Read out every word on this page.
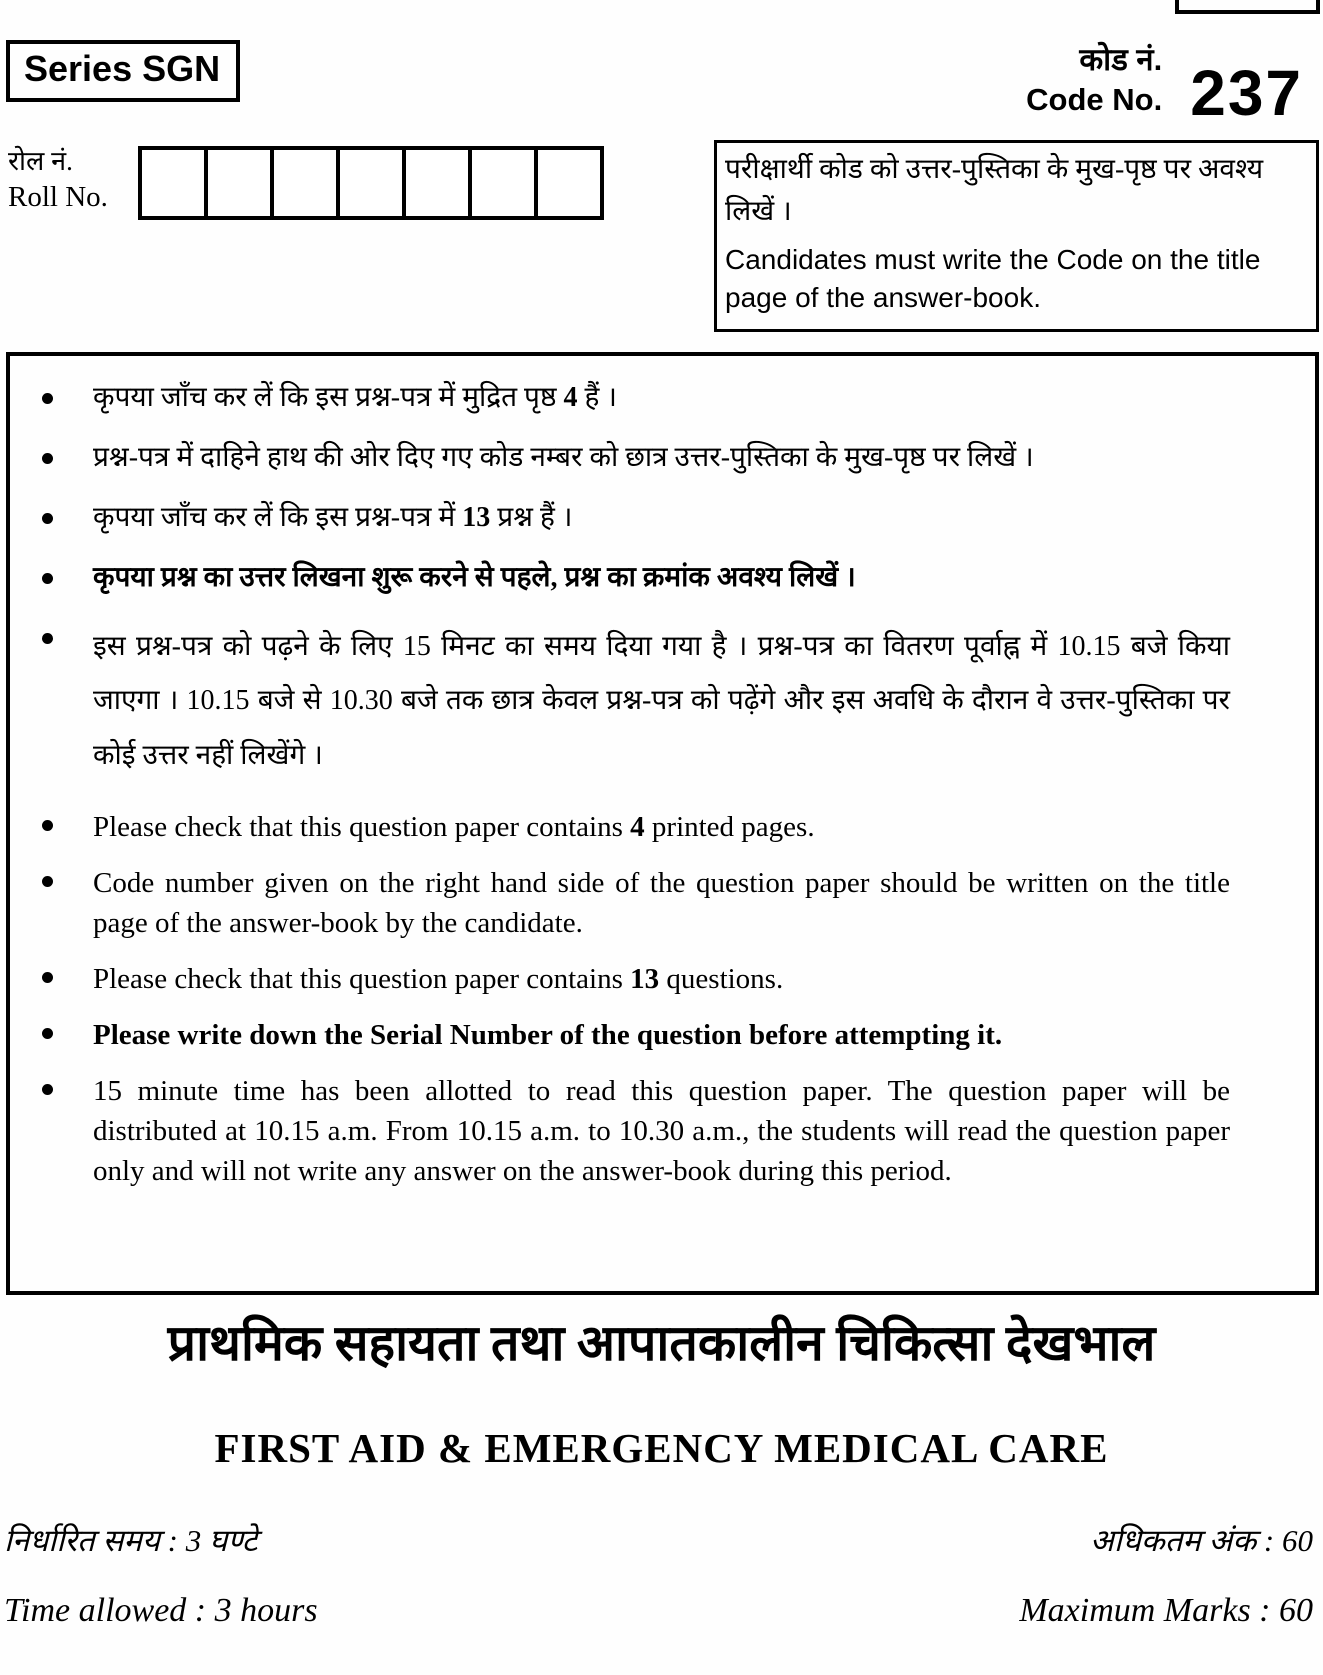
Series SGN	कोड नं.
Code No. 237
रोल नं.
Roll No.
परीक्षार्थी कोड को उत्तर-पुस्तिका के मुख-पृष्ठ पर अवश्य लिखें ।
Candidates must write the Code on the title page of the answer-book.
कृपया जाँच कर लें कि इस प्रश्न-पत्र में मुद्रित पृष्ठ 4 हैं ।
प्रश्न-पत्र में दाहिने हाथ की ओर दिए गए कोड नम्बर को छात्र उत्तर-पुस्तिका के मुख-पृष्ठ पर लिखें ।
कृपया जाँच कर लें कि इस प्रश्न-पत्र में 13 प्रश्न हैं ।
कृपया प्रश्न का उत्तर लिखना शुरू करने से पहले, प्रश्न का क्रमांक अवश्य लिखें ।
इस प्रश्न-पत्र को पढ़ने के लिए 15 मिनट का समय दिया गया है । प्रश्न-पत्र का वितरण पूर्वाह्न में 10.15 बजे किया जाएगा । 10.15 बजे से 10.30 बजे तक छात्र केवल प्रश्न-पत्र को पढ़ेंगे और इस अवधि के दौरान वे उत्तर-पुस्तिका पर कोई उत्तर नहीं लिखेंगे ।
Please check that this question paper contains 4 printed pages.
Code number given on the right hand side of the question paper should be written on the title page of the answer-book by the candidate.
Please check that this question paper contains 13 questions.
Please write down the Serial Number of the question before attempting it.
15 minute time has been allotted to read this question paper. The question paper will be distributed at 10.15 a.m. From 10.15 a.m. to 10.30 a.m., the students will read the question paper only and will not write any answer on the answer-book during this period.
प्राथमिक सहायता तथा आपातकालीन चिकित्सा देखभाल
FIRST AID & EMERGENCY MEDICAL CARE
निर्धारित समय : 3 घण्टे	अधिकतम अंक : 60
Time allowed : 3 hours	Maximum Marks : 60
